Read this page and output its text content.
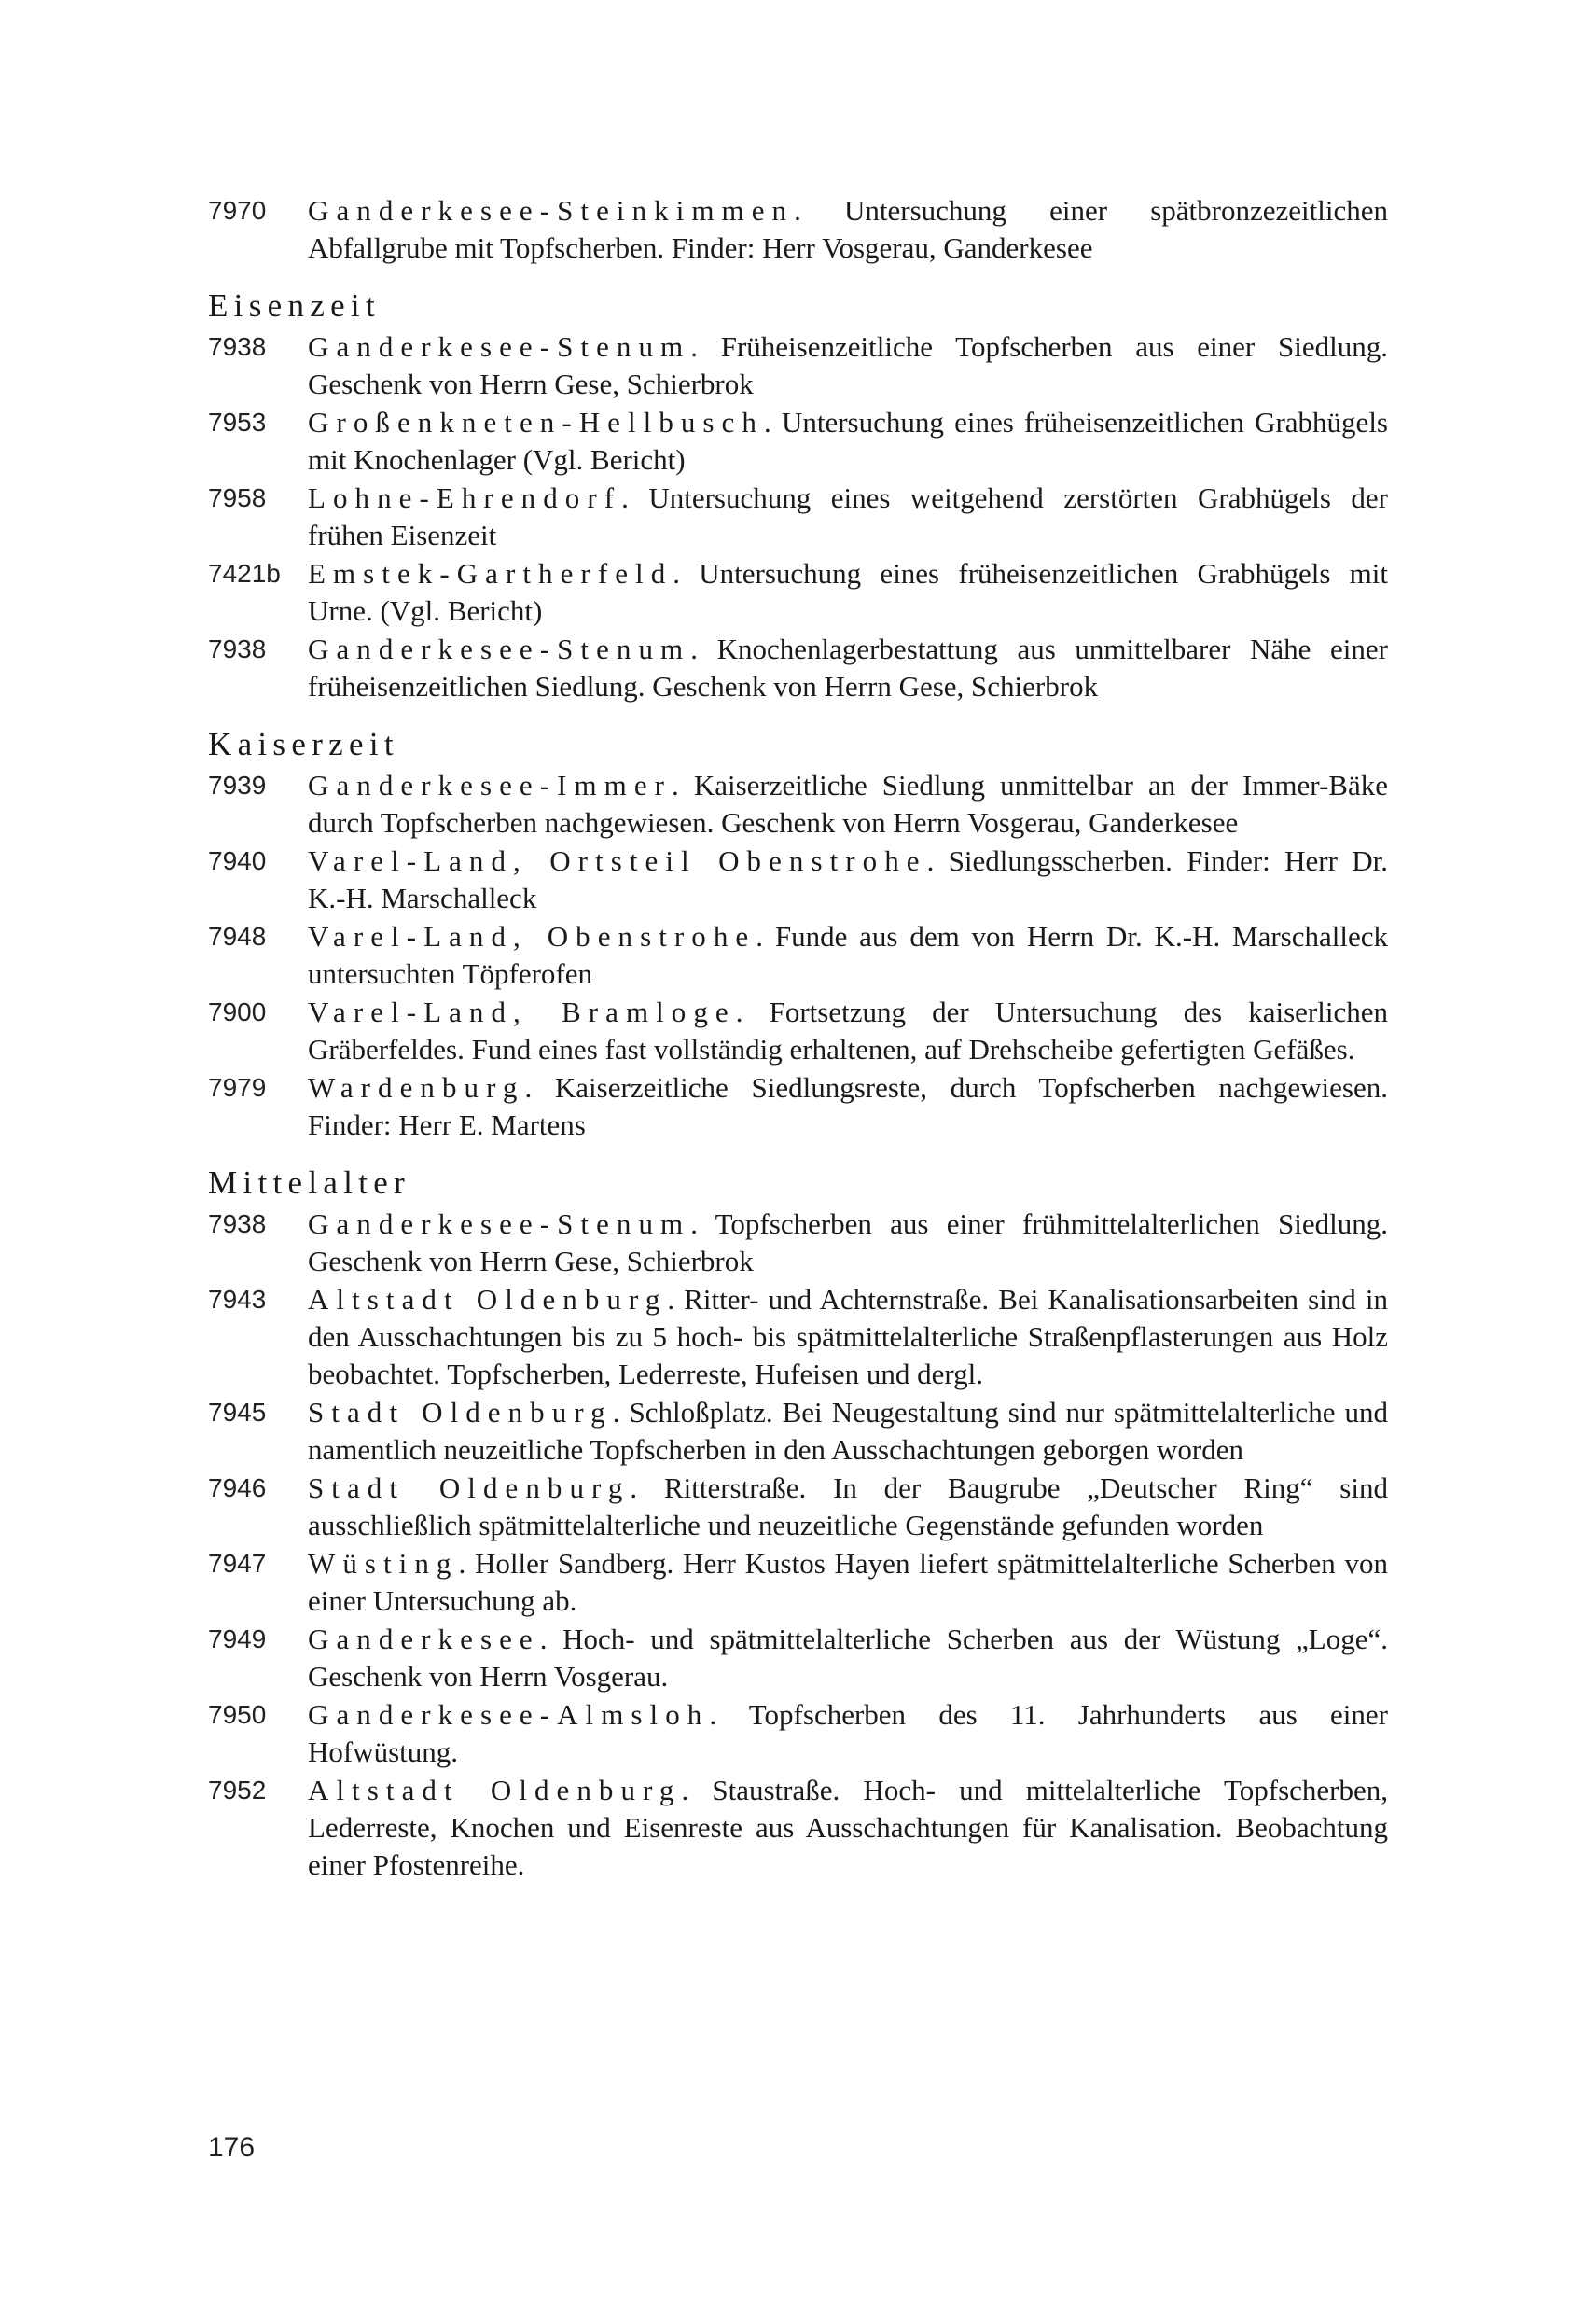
7970	Ganderkesee-Steinkimmen. Untersuchung einer spätbronzezeitlichen Abfallgrube mit Topfscherben. Finder: Herr Vosgerau, Ganderkesee
Eisenzeit
7938	Ganderkesee-Stenum. Früheisenzeitliche Topfscherben aus einer Siedlung. Geschenk von Herrn Gese, Schierbrok
7953	Großenkneten-Hellbusch. Untersuchung eines früheisenzeitlichen Grabhügels mit Knochenlager (Vgl. Bericht)
7958	Lohne-Ehrendorf. Untersuchung eines weitgehend zerstörten Grabhügels der frühen Eisenzeit
7421b Emstek-Gartherfeld. Untersuchung eines früheisenzeitlichen Grabhügels mit Urne. (Vgl. Bericht)
7938	Ganderkesee-Stenum. Knochenlagerbestattung aus unmittelbarer Nähe einer früheisenzeitlichen Siedlung. Geschenk von Herrn Gese, Schierbrok
Kaiserzeit
7939	Ganderkesee-Immer. Kaiserzeitliche Siedlung unmittelbar an der Immer-Bäke durch Topfscherben nachgewiesen. Geschenk von Herrn Vosgerau, Ganderkesee
7940	Varel-Land, Ortsteil Obenstrohe. Siedlungsscherben. Finder: Herr Dr. K.-H. Marschalleck
7948	Varel-Land, Obenstrohe. Funde aus dem von Herrn Dr. K.-H. Marschalleck untersuchten Töpferofen
7900	Varel-Land, Bramloge. Fortsetzung der Untersuchung des kaiserlichen Gräberfeldes. Fund eines fast vollständig erhaltenen, auf Drehscheibe gefertigten Gefäßes.
7979	Wardenburg. Kaiserzeitliche Siedlungsreste, durch Topfscherben nachgewiesen. Finder: Herr E. Martens
Mittelalter
7938	Ganderkesee-Stenum. Topfscherben aus einer frühmittelalterlichen Siedlung. Geschenk von Herrn Gese, Schierbrok
7943	Altstadt Oldenburg. Ritter- und Achternstraße. Bei Kanalisationsarbeiten sind in den Ausschachtungen bis zu 5 hoch- bis spätmittelalterliche Straßenpflasterungen aus Holz beobachtet. Topfscherben, Lederreste, Hufeisen und dergl.
7945	Stadt Oldenburg. Schloßplatz. Bei Neugestaltung sind nur spätmittelalterliche und namentlich neuzeitliche Topfscherben in den Ausschachtungen geborgen worden
7946	Stadt Oldenburg. Ritterstraße. In der Baugrube „Deutscher Ring“ sind ausschließlich spätmittelalterliche und neuzeitliche Gegenstände gefunden worden
7947	Wüsting. Holler Sandberg. Herr Kustos Hayen liefert spätmittelalterliche Scherben von einer Untersuchung ab.
7949	Ganderkesee. Hoch- und spätmittelalterliche Scherben aus der Wüstung „Loge“. Geschenk von Herrn Vosgerau.
7950	Ganderkesee-Almsloh. Topfscherben des 11. Jahrhunderts aus einer Hofwüstung.
7952	Altstadt Oldenburg. Staustraße. Hoch- und mittelalterliche Topfscherben, Lederreste, Knochen und Eisenreste aus Ausschachtungen für Kanalisation. Beobachtung einer Pfostenreihe.
176
